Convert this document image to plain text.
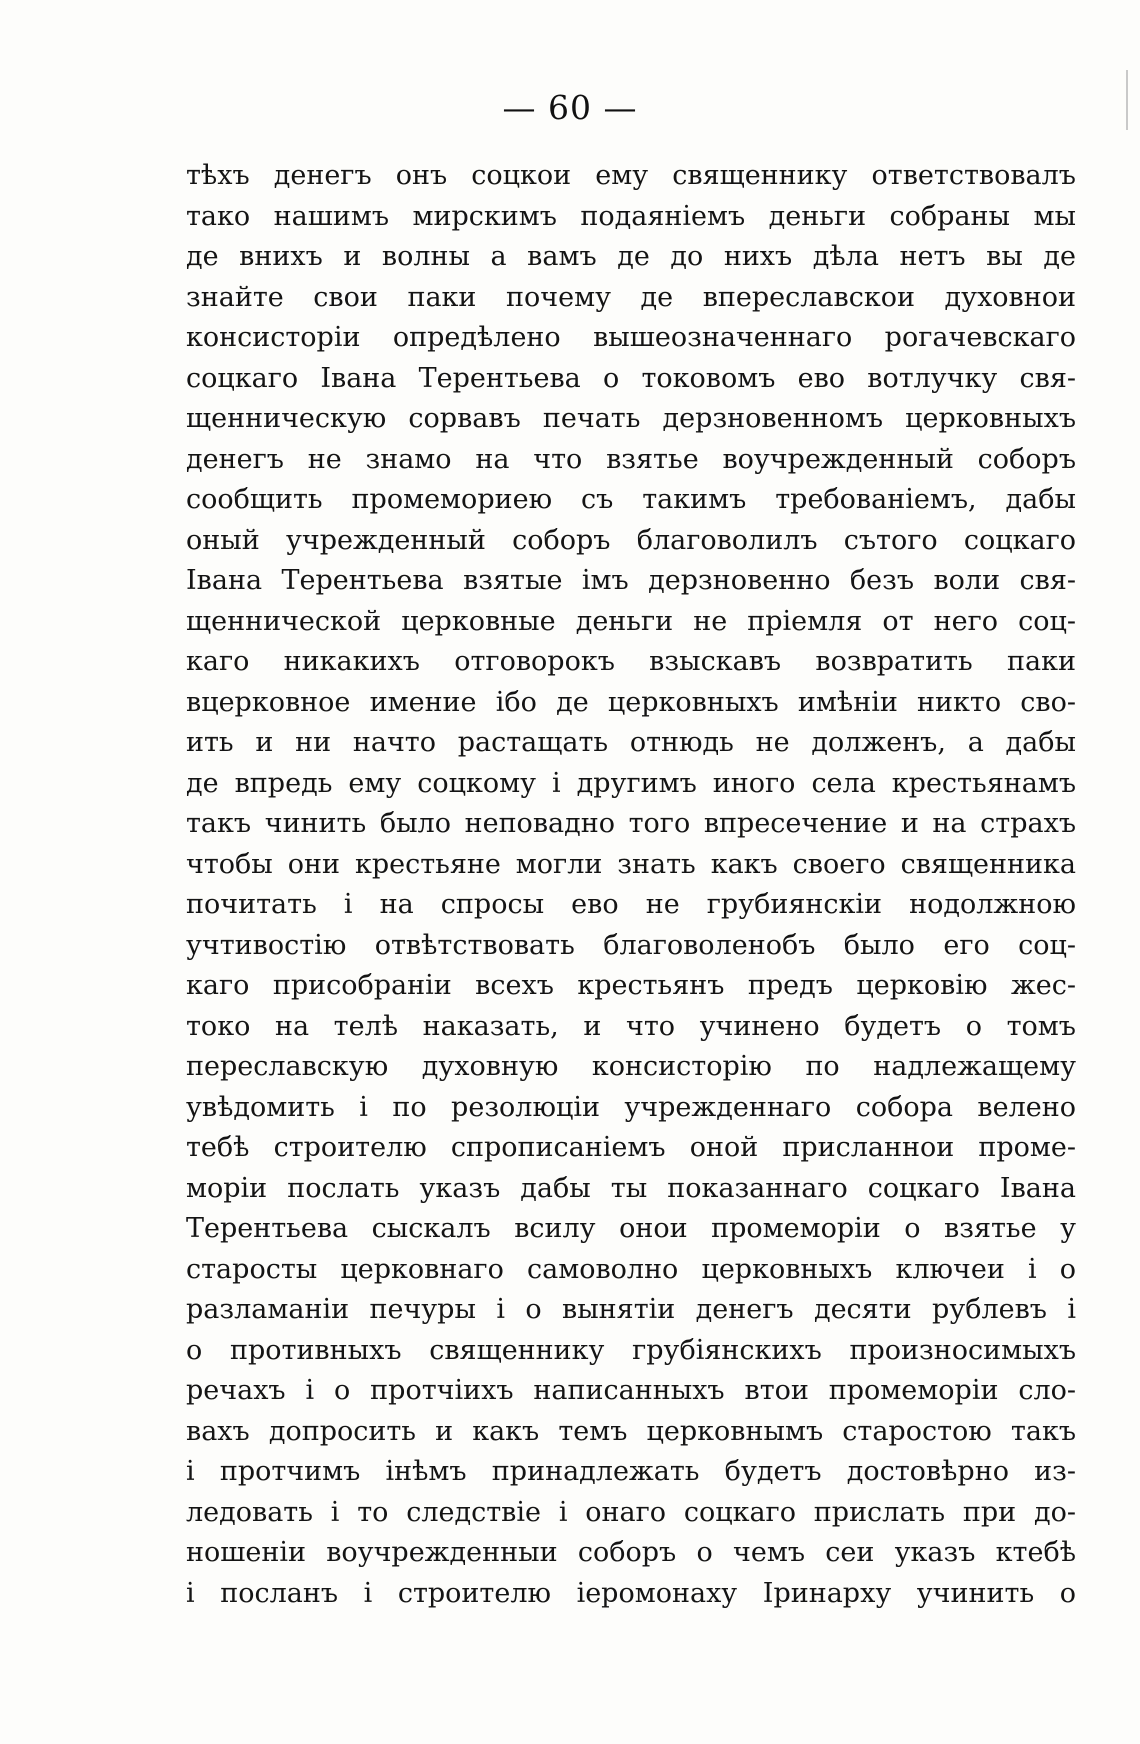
— 60 —
тѣхъ денегъ онъ соцкои ему священнику ответствовалъ
тако нашимъ мирскимъ подаяніемъ деньги собраны мы
де внихъ и волны а вамъ де до нихъ дѣла нетъ вы де
знайте свои паки почему де впереславскои духовнои
консисторіи опредѣлено вышеозначеннаго рогачевскаго
соцкаго Івана Терентьева о токовомъ ево вотлучку свя-
щенническую сорвавъ печать дерзновенномъ церковныхъ
денегъ не знамо на что взятье воучрежденный соборъ
сообщить промемориею съ такимъ требованіемъ, дабы
оный учрежденный соборъ благоволилъ сътого соцкаго
Івана Терентьева взятые імъ дерзновенно безъ воли свя-
щеннической церковные деньги не пріемля от него соц-
каго никакихъ отговорокъ взыскавъ возвратить паки
вцерковное имение ібо де церковныхъ имѣніи никто сво-
ить и ни начто растащать отнюдь не долженъ, а дабы
де впредь ему соцкому і другимъ иного села крестьянамъ
такъ чинить было неповадно того впресечение и на страхъ
чтобы они крестьяне могли знать какъ своего священника
почитать і на спросы ево не грубиянскіи нодолжною
учтивостію отвѣтствовать благоволенобъ было его соц-
каго присобраніи всехъ крестьянъ предъ церковію жес-
токо на телѣ наказать, и что учинено будетъ о томъ
переславскую духовную консисторію по надлежащему
увѣдомить і по резолюціи учрежденнаго собора велено
тебѣ строителю спрописаніемъ оной присланнои проме-
моріи послать указъ дабы ты показаннаго соцкаго Івана
Терентьева сыскалъ всилу онои промеморіи о взятье у
старосты церковнаго самоволно церковныхъ ключеи і о
разламаніи печуры і о вынятіи денегъ десяти рублевъ і
о противныхъ священнику грубіянскихъ произносимыхъ
речахъ і о протчіихъ написанныхъ втои промеморіи сло-
вахъ допросить и какъ темъ церковнымъ старостою такъ
і протчимъ інѣмъ принадлежать будетъ достовѣрно из-
ледовать і то следствіе і онаго соцкаго прислать при до-
ношеніи воучрежденныи соборъ о чемъ сеи указъ ктебѣ
і посланъ і строителю іеромонаху Іринарху учинить о
